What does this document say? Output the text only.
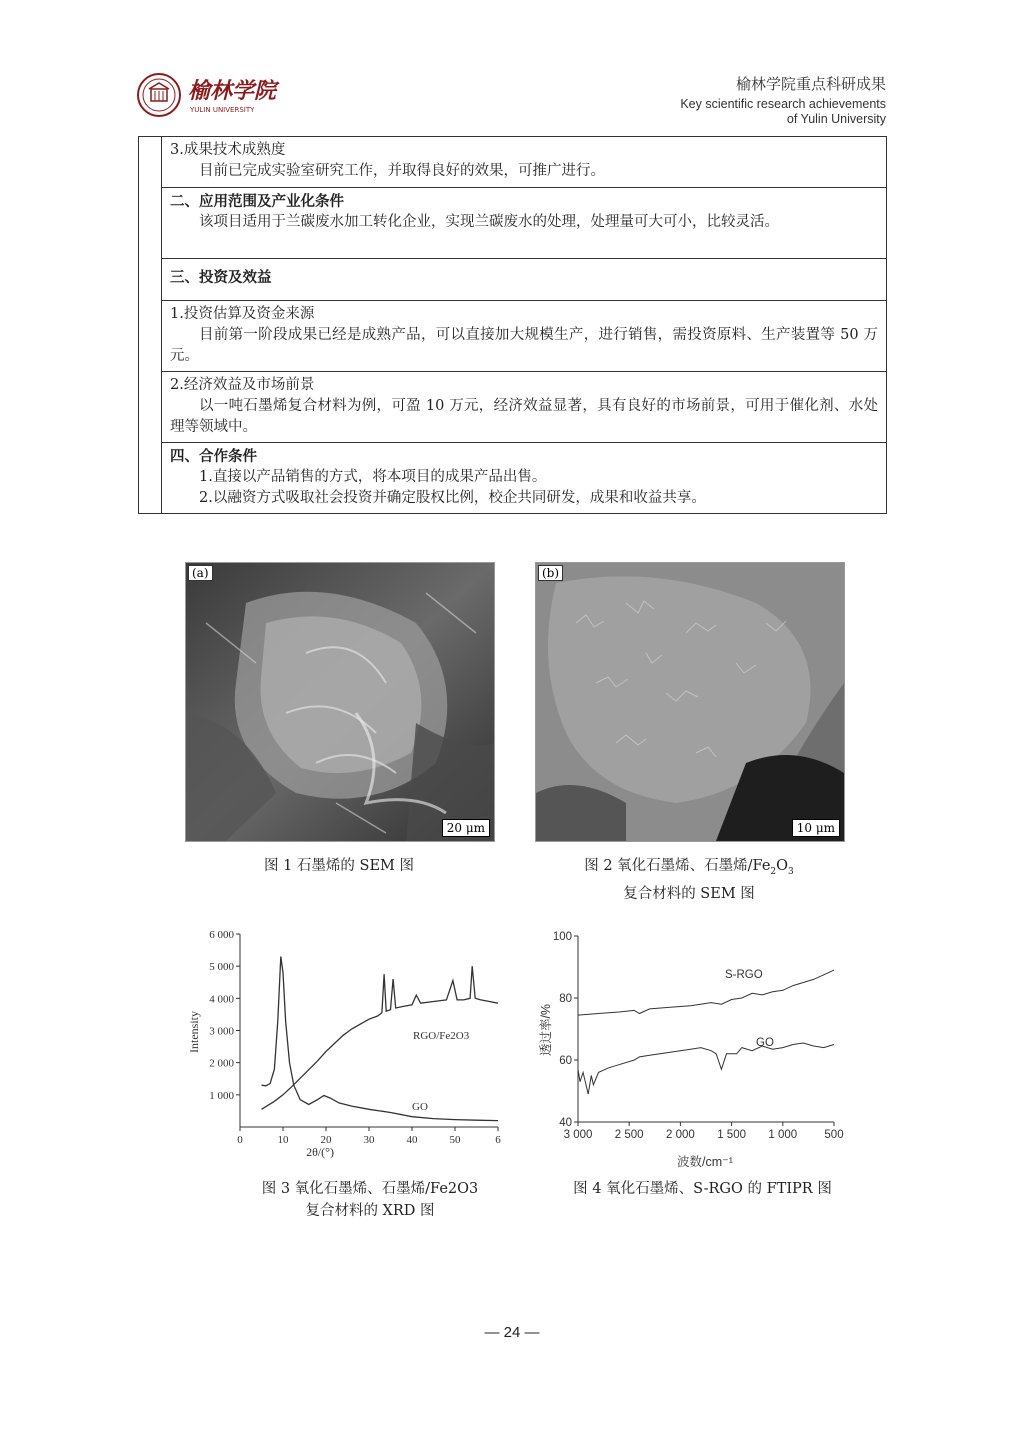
榆林学院
YULIN UNIVERSITY
榆林学院重点科研成果
Key scientific research achievements
of Yulin University

3.成果技术成熟度
目前已完成实验室研究工作，并取得良好的效果，可推广进行。

二、应用范围及产业化条件
该项目适用于兰碳废水加工转化企业，实现兰碳废水的处理，处理量可大可小，比较灵活。

三、投资及效益

1.投资估算及资金来源
目前第一阶段成果已经是成熟产品，可以直接加大规模生产，进行销售，需投资原料、生产装置等 50 万元。

2.经济效益及市场前景
以一吨石墨烯复合材料为例，可盈 10 万元，经济效益显著，具有良好的市场前景，可用于催化剂、水处理等领域中。

四、合作条件
1.直接以产品销售的方式，将本项目的成果产品出售。
2.以融资方式吸取社会投资并确定股权比例，校企共同研发，成果和收益共享。
(a)
20 μm
(b)
10 μm
图 1 石墨烯的 SEM 图	图 2 氧化石墨烯、石墨烯$/Fe_2O_3$
复合材料的 SEM 图
1 000
2 000
3 000
4 000
5 000
6 000
0	10	20	30	40	50	6
GO
RGO/Fe2O3
Intensity
2θ/(°)
40
60
80
100
3 000 2 500 2 000 1 500 1 000 500
S-RGO
GO
透过率/%
波数/cm⁻¹
图 3 氧化石墨烯、石墨烯/Fe2O3
复合材料的 XRD 图
图 4 氧化石墨烯、S-RGO 的 FTIPR 图
— 24 —
